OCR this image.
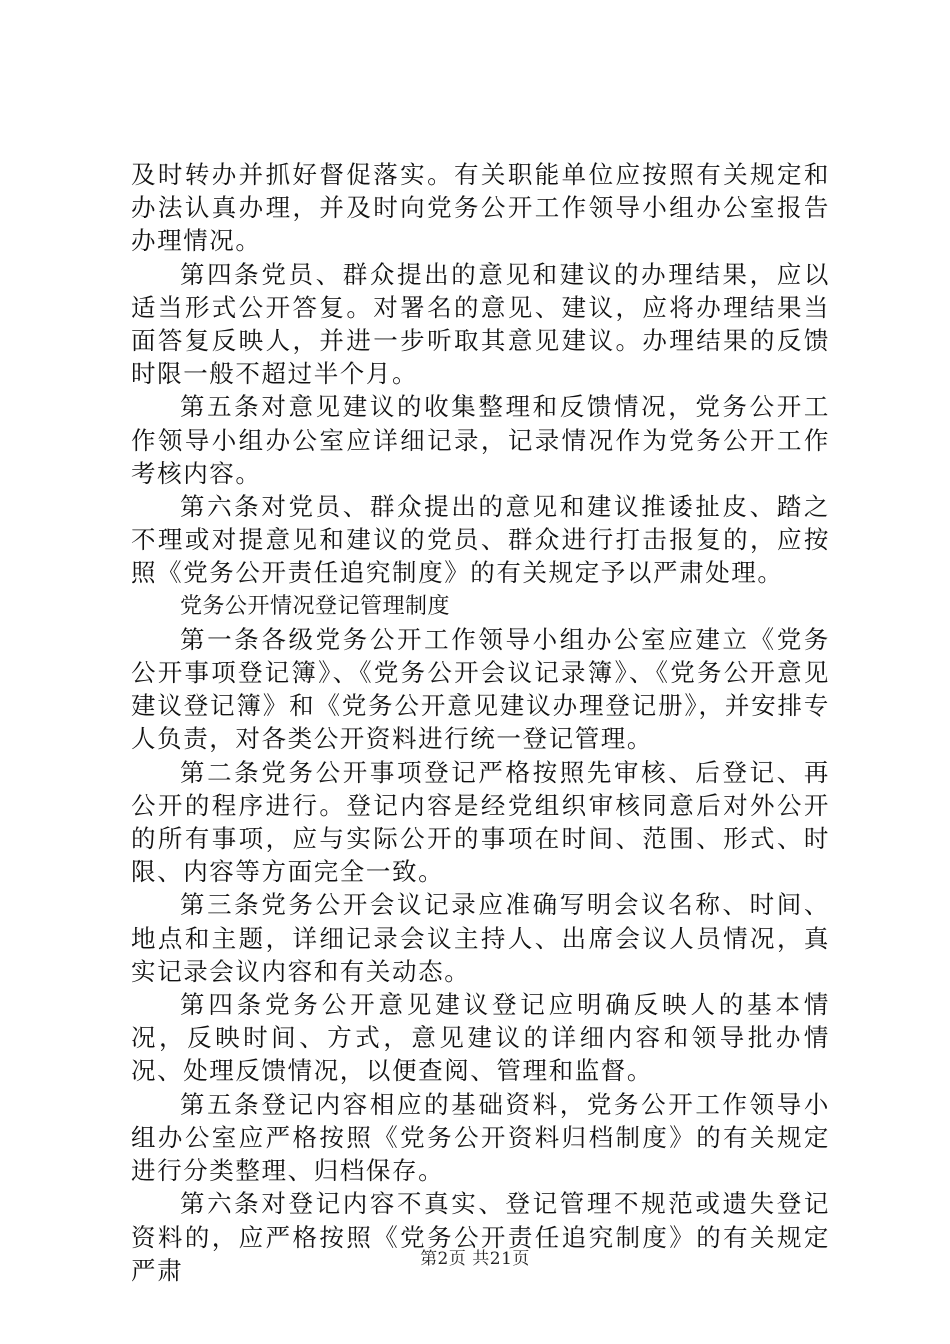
及时转办并抓好督促落实。有关职能单位应按照有关规定和办法认真办理，并及时向党务公开工作领导小组办公室报告办理情况。

第四条党员、群众提出的意见和建议的办理结果，应以适当形式公开答复。对署名的意见、建议，应将办理结果当面答复反映人，并进一步听取其意见建议。办理结果的反馈时限一般不超过半个月。

第五条对意见建议的收集整理和反馈情况，党务公开工作领导小组办公室应详细记录，记录情况作为党务公开工作考核内容。

第六条对党员、群众提出的意见和建议推诿扯皮、踏之不理或对提意见和建议的党员、群众进行打击报复的，应按照《党务公开责任追究制度》的有关规定予以严肃处理。

党务公开情况登记管理制度

第一条各级党务公开工作领导小组办公室应建立《党务公开事项登记簿》、《党务公开会议记录簿》、《党务公开意见建议登记簿》和《党务公开意见建议办理登记册》，并安排专人负责，对各类公开资料进行统一登记管理。

第二条党务公开事项登记严格按照先审核、后登记、再公开的程序进行。登记内容是经党组织审核同意后对外公开的所有事项，应与实际公开的事项在时间、范围、形式、时限、内容等方面完全一致。

第三条党务公开会议记录应准确写明会议名称、时间、地点和主题，详细记录会议主持人、出席会议人员情况，真实记录会议内容和有关动态。

第四条党务公开意见建议登记应明确反映人的基本情况，反映时间、方式，意见建议的详细内容和领导批办情况、处理反馈情况，以便查阅、管理和监督。

第五条登记内容相应的基础资料，党务公开工作领导小组办公室应严格按照《党务公开资料归档制度》的有关规定进行分类整理、归档保存。

第六条对登记内容不真实、登记管理不规范或遗失登记资料的，应严格按照《党务公开责任追究制度》的有关规定严肃	第2页 共21页
